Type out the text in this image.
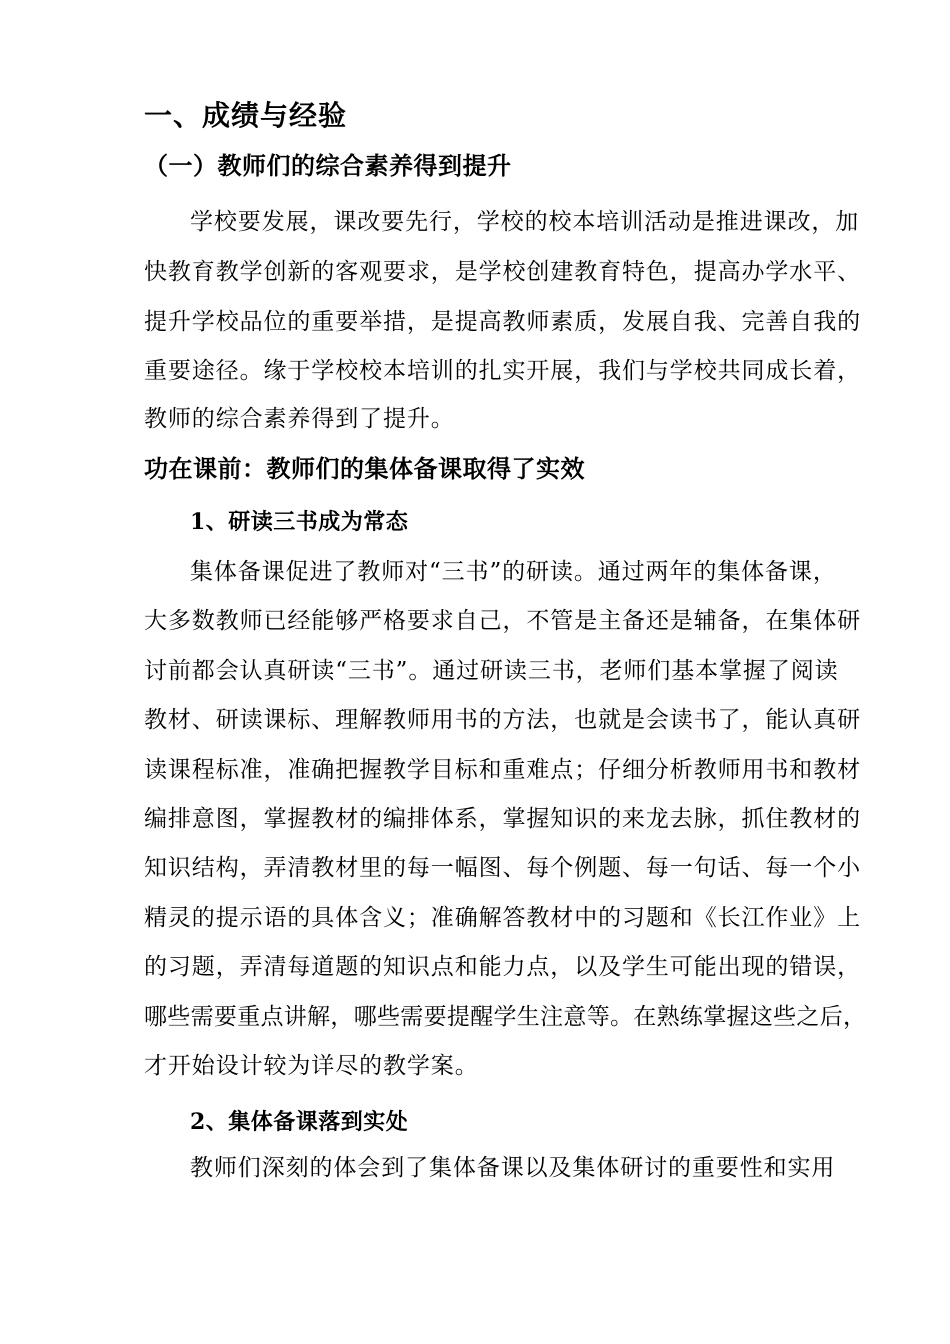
一、成绩与经验
（一）教师们的综合素养得到提升
学校要发展，课改要先行，学校的校本培训活动是推进课改，加
快教育教学创新的客观要求，是学校创建教育特色，提高办学水平、
提升学校品位的重要举措，是提高教师素质，发展自我、完善自我的
重要途径。缘于学校校本培训的扎实开展，我们与学校共同成长着，
教师的综合素养得到了提升。
功在课前：教师们的集体备课取得了实效
1、研读三书成为常态
集体备课促进了教师对“三书”的研读。通过两年的集体备课，
大多数教师已经能够严格要求自己，不管是主备还是辅备，在集体研
讨前都会认真研读“三书”。通过研读三书，老师们基本掌握了阅读
教材、研读课标、理解教师用书的方法，也就是会读书了，能认真研
读课程标准，准确把握教学目标和重难点；仔细分析教师用书和教材
编排意图，掌握教材的编排体系，掌握知识的来龙去脉，抓住教材的
知识结构，弄清教材里的每一幅图、每个例题、每一句话、每一个小
精灵的提示语的具体含义；准确解答教材中的习题和《长江作业》上
的习题，弄清每道题的知识点和能力点，以及学生可能出现的错误，
哪些需要重点讲解，哪些需要提醒学生注意等。在熟练掌握这些之后，
才开始设计较为详尽的教学案。
2、集体备课落到实处
教师们深刻的体会到了集体备课以及集体研讨的重要性和实用
